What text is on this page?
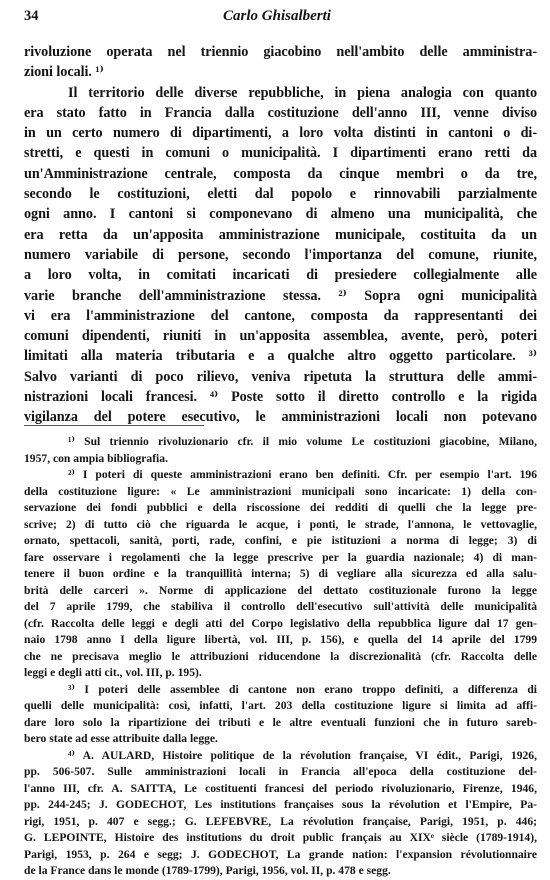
34	Carlo Ghisalberti
rivoluzione operata nel triennio giacobino nell'ambito delle amministra-
zioni locali. ¹⁾
Il territorio delle diverse repubbliche, in piena analogia con quanto
era stato fatto in Francia dalla costituzione dell'anno III, venne diviso
in un certo numero di dipartimenti, a loro volta distinti in cantoni o di-
stretti, e questi in comuni o municipalità. I dipartimenti erano retti da
un'Amministrazione centrale, composta da cinque membri o da tre,
secondo le costituzioni, eletti dal popolo e rinnovabili parzialmente
ogni anno. I cantoni si componevano di almeno una municipalità, che
era retta da un'apposita amministrazione municipale, costituita da un
numero variabile di persone, secondo l'importanza del comune, riunite,
a loro volta, in comitati incaricati di presiedere collegialmente alle
varie branche dell'amministrazione stessa. ²⁾ Sopra ogni municipalità
vi era l'amministrazione del cantone, composta da rappresentanti dei
comuni dipendenti, riuniti in un'apposita assemblea, avente, però, poteri
limitati alla materia tributaria e a qualche altro oggetto particolare. ³⁾
Salvo varianti di poco rilievo, veniva ripetuta la struttura delle ammi-
nistrazioni locali francesi. ⁴⁾ Poste sotto il diretto controllo e la rigida
vigilanza del potere esecutivo, le amministrazioni locali non potevano
¹⁾ Sul triennio rivoluzionario cfr. il mio volume Le costituzioni giacobine, Milano,
1957, con ampia bibliografia.
²⁾ I poteri di queste amministrazioni erano ben definiti. Cfr. per esempio l'art. 196
della costituzione ligure: « Le amministrazioni municipali sono incaricate: 1) della con-
servazione dei fondi pubblici e della riscossione dei redditi di quelli che la legge pre-
scrive; 2) di tutto ciò che riguarda le acque, i ponti, le strade, l'annona, le vettovaglie,
ornato, spettacoli, sanità, porti, rade, confini, e pie istituzioni a norma di legge; 3) di
fare osservare i regolamenti che la legge prescrive per la guardia nazionale; 4) di man-
tenere il buon ordine e la tranquillità interna; 5) di vegliare alla sicurezza ed alla salu-
brità delle carceri ». Norme di applicazione del dettato costituzionale furono la legge
del 7 aprile 1799, che stabiliva il controllo dell'esecutivo sull'attività delle municipalità
(cfr. Raccolta delle leggi e degli atti del Corpo legislativo della repubblica ligure dal 17 gen-
naio 1798 anno I della ligure libertà, vol. III, p. 156), e quella del 14 aprile del 1799
che ne precisava meglio le attribuzioni riducendone la discrezionalità (cfr. Raccolta delle
leggi e degli atti cit., vol. III, p. 195).
³⁾ I poteri delle assemblee di cantone non erano troppo definiti, a differenza di
quelli delle municipalità: così, infatti, l'art. 203 della costituzione ligure si limita ad affi-
dare loro solo la ripartizione dei tributi e le altre eventuali funzioni che in futuro sareb-
bero state ad esse attribuite dalla legge.
⁴⁾ A. AULARD, Histoire politique de la révolution française, VI édit., Parigi, 1926,
pp. 506-507. Sulle amministrazioni locali in Francia all'epoca della costituzione del-
l'anno III, cfr. A. SAITTA, Le costituenti francesi del periodo rivoluzionario, Firenze, 1946,
pp. 244-245; J. GODECHOT, Les institutions françaises sous la révolution et l'Empire, Pa-
rigi, 1951, p. 407 e segg.; G. LEFEBVRE, La révolution française, Parigi, 1951, p. 446;
G. LEPOINTE, Histoire des institutions du droit public français au XIXᵉ siècle (1789-1914),
Parigi, 1953, p. 264 e segg; J. GODECHOT, La grande nation: l'expansion révolutionnaire
de la France dans le monde (1789-1799), Parigi, 1956, vol. II, p. 478 e segg.
